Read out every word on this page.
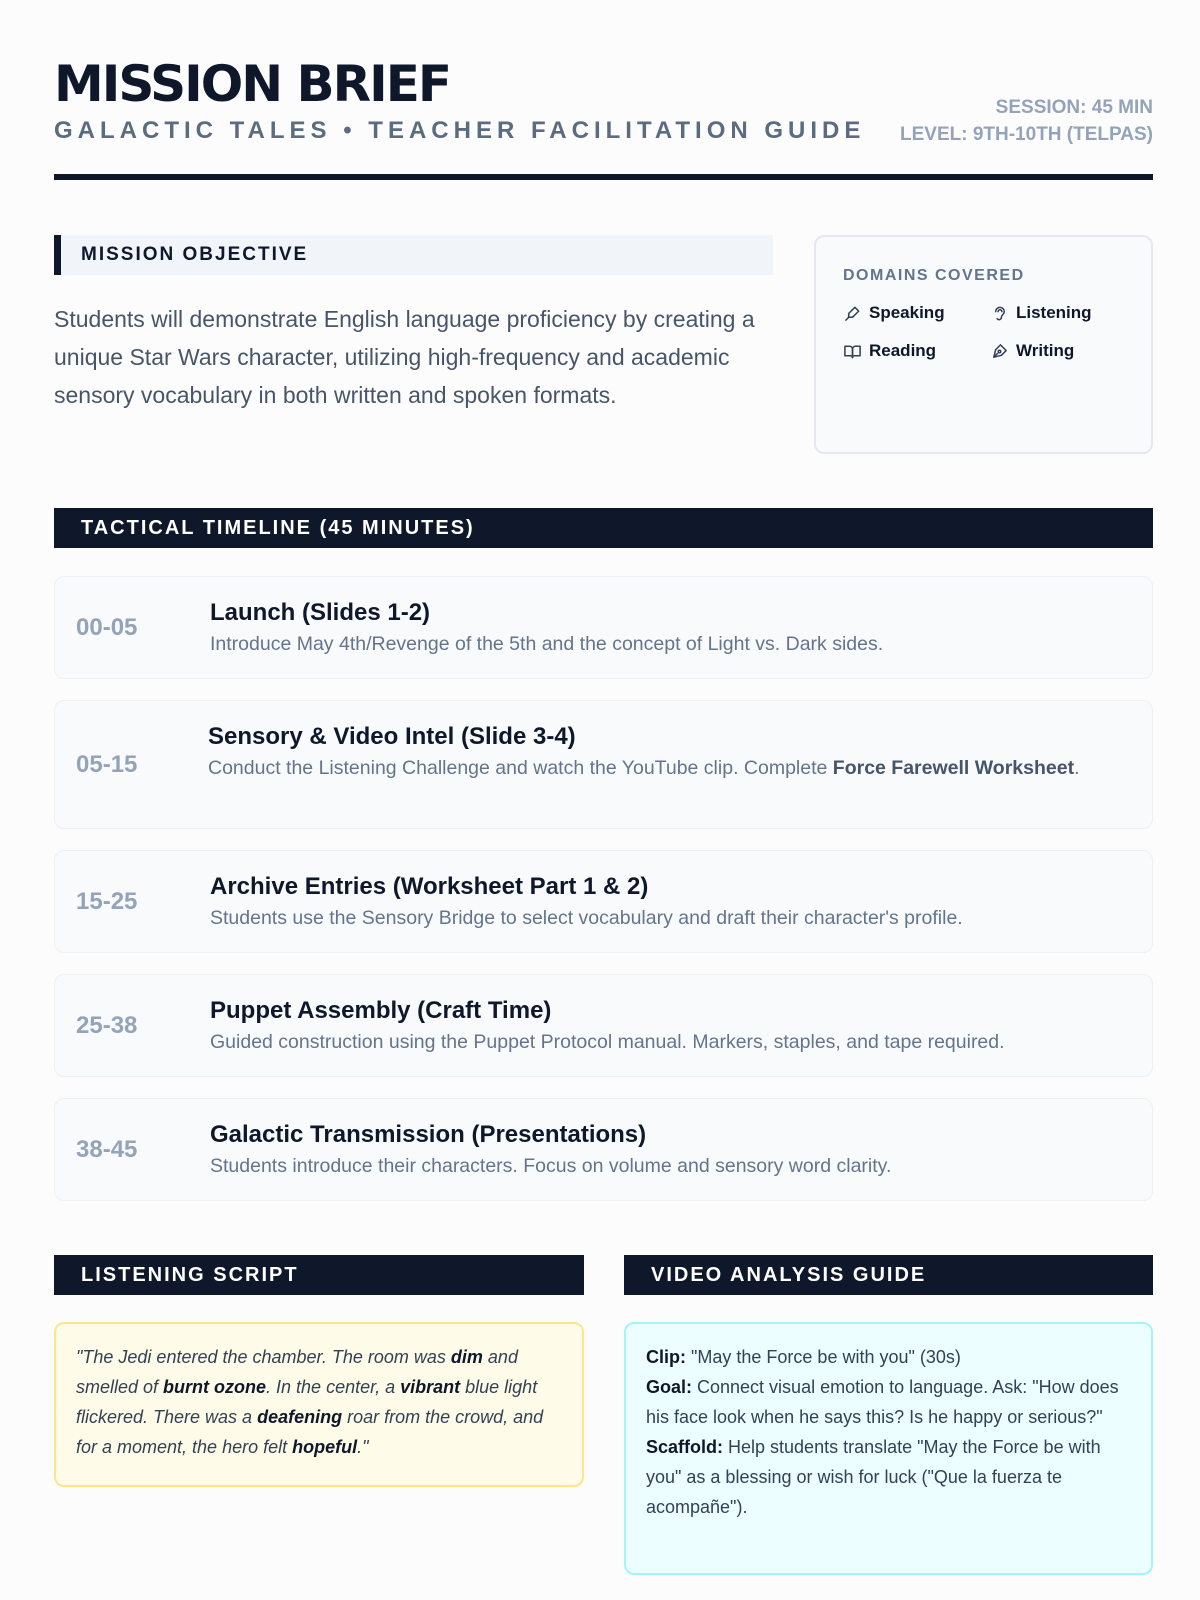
MISSION BRIEF
GALACTIC TALES • TEACHER FACILITATION GUIDE
SESSION: 45 MIN
LEVEL: 9TH-10TH (TELPAS)
MISSION OBJECTIVE
Students will demonstrate English language proficiency by creating a unique Star Wars character, utilizing high-frequency and academic sensory vocabulary in both written and spoken formats.
DOMAINS COVERED
Speaking	Listening
Reading	Writing
TACTICAL TIMELINE (45 MINUTES)
00-05
Launch (Slides 1-2)
Introduce May 4th/Revenge of the 5th and the concept of Light vs. Dark sides.
05-15
Sensory & Video Intel (Slide 3-4)
Conduct the Listening Challenge and watch the YouTube clip. Complete Force Farewell Worksheet.
15-25
Archive Entries (Worksheet Part 1 & 2)
Students use the Sensory Bridge to select vocabulary and draft their character's profile.
25-38
Puppet Assembly (Craft Time)
Guided construction using the Puppet Protocol manual. Markers, staples, and tape required.
38-45
Galactic Transmission (Presentations)
Students introduce their characters. Focus on volume and sensory word clarity.
LISTENING SCRIPT
"The Jedi entered the chamber. The room was dim and smelled of burnt ozone. In the center, a vibrant blue light flickered. There was a deafening roar from the crowd, and for a moment, the hero felt hopeful."
VIDEO ANALYSIS GUIDE
Clip: "May the Force be with you" (30s)
Goal: Connect visual emotion to language. Ask: "How does his face look when he says this? Is he happy or serious?"
Scaffold: Help students translate "May the Force be with you" as a blessing or wish for luck ("Que la fuerza te acompañe").
